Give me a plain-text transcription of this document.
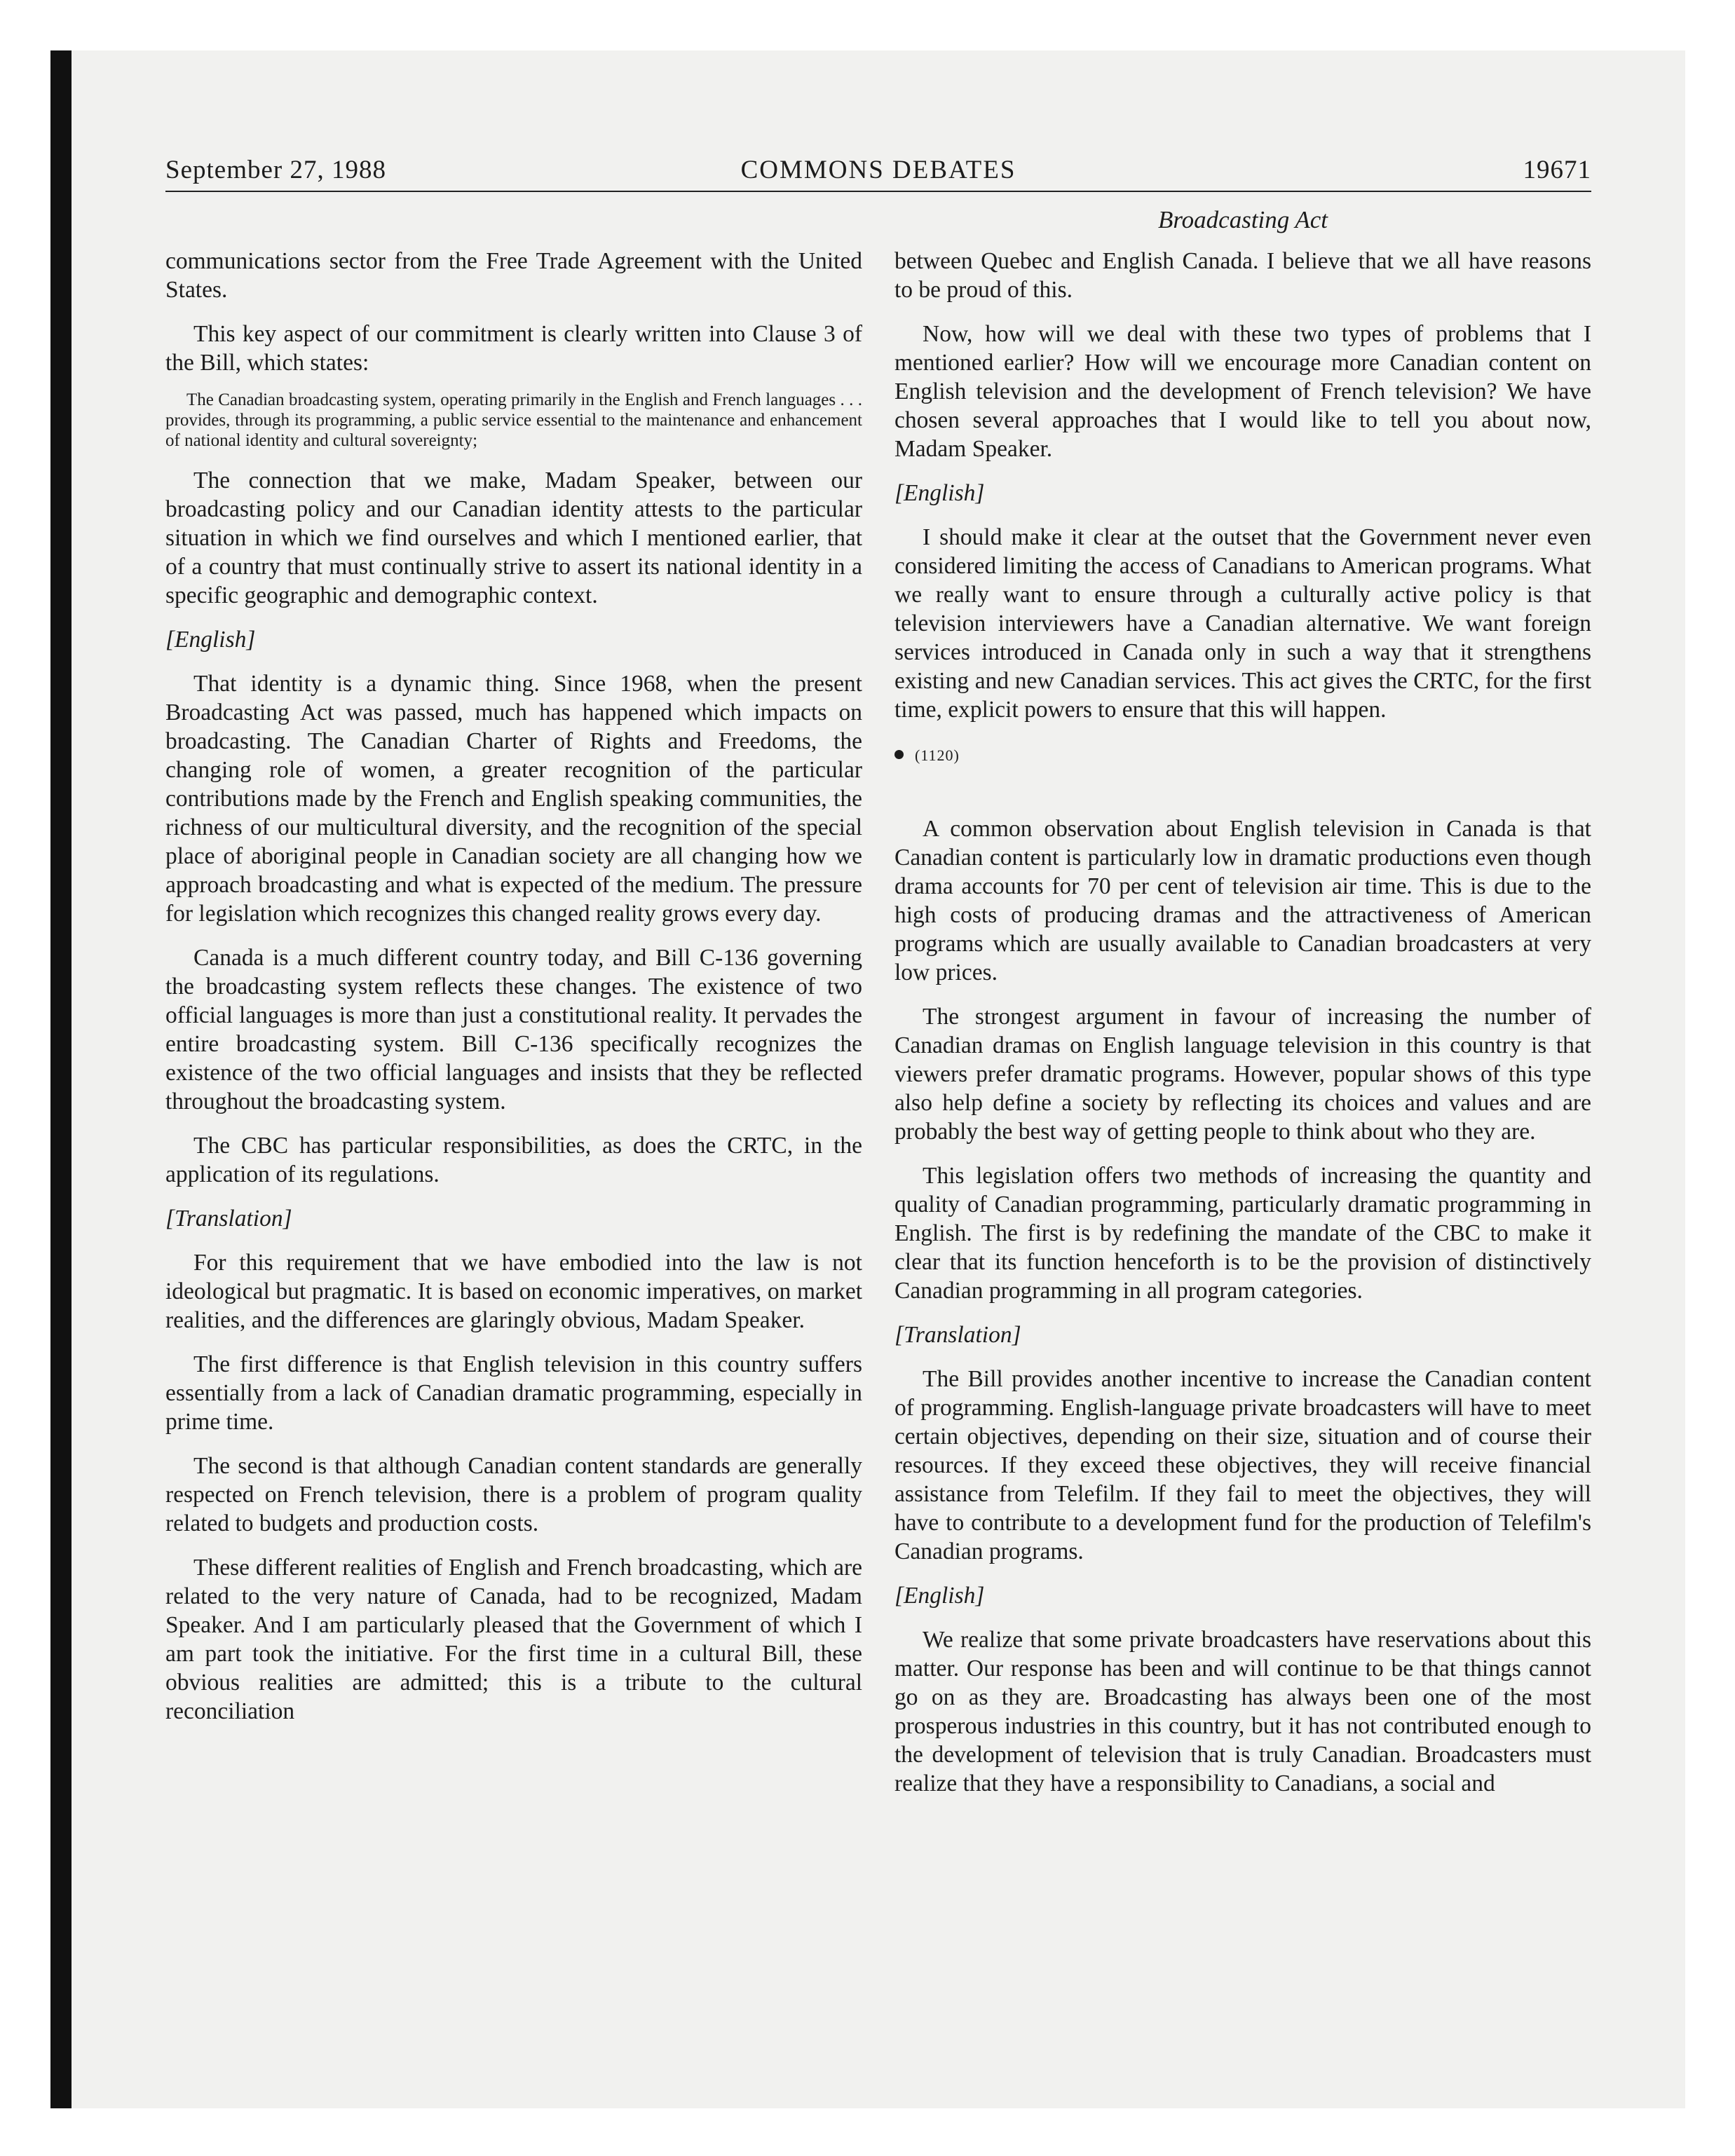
September 27, 1988	COMMONS DEBATES	19671
Broadcasting Act

communications sector from the Free Trade Agreement with the United States.

This key aspect of our commitment is clearly written into Clause 3 of the Bill, which states:

The Canadian broadcasting system, operating primarily in the English and French languages . . . provides, through its programming, a public service essential to the maintenance and enhancement of national identity and cultural sovereignty;

The connection that we make, Madam Speaker, between our broadcasting policy and our Canadian identity attests to the particular situation in which we find ourselves and which I mentioned earlier, that of a country that must continually strive to assert its national identity in a specific geographic and demographic context.

[English]

That identity is a dynamic thing. Since 1968, when the present Broadcasting Act was passed, much has happened which impacts on broadcasting. The Canadian Charter of Rights and Freedoms, the changing role of women, a greater recognition of the particular contributions made by the French and English speaking communities, the richness of our multicultural diversity, and the recognition of the special place of aboriginal people in Canadian society are all changing how we approach broadcasting and what is expected of the medium. The pressure for legislation which recognizes this changed reality grows every day.

Canada is a much different country today, and Bill C-136 governing the broadcasting system reflects these changes. The existence of two official languages is more than just a constitutional reality. It pervades the entire broadcasting system. Bill C-136 specifically recognizes the existence of the two official languages and insists that they be reflected throughout the broadcasting system.

The CBC has particular responsibilities, as does the CRTC, in the application of its regulations.

[Translation]

For this requirement that we have embodied into the law is not ideological but pragmatic. It is based on economic imperatives, on market realities, and the differences are glaringly obvious, Madam Speaker.

The first difference is that English television in this country suffers essentially from a lack of Canadian dramatic programming, especially in prime time.

The second is that although Canadian content standards are generally respected on French television, there is a problem of program quality related to budgets and production costs.

These different realities of English and French broadcasting, which are related to the very nature of Canada, had to be recognized, Madam Speaker. And I am particularly pleased that the Government of which I am part took the initiative. For the first time in a cultural Bill, these obvious realities are admitted; this is a tribute to the cultural reconciliation

between Quebec and English Canada. I believe that we all have reasons to be proud of this.

Now, how will we deal with these two types of problems that I mentioned earlier? How will we encourage more Canadian content on English television and the development of French television? We have chosen several approaches that I would like to tell you about now, Madam Speaker.

[English]

I should make it clear at the outset that the Government never even considered limiting the access of Canadians to American programs. What we really want to ensure through a culturally active policy is that television interviewers have a Canadian alternative. We want foreign services introduced in Canada only in such a way that it strengthens existing and new Canadian services. This act gives the CRTC, for the first time, explicit powers to ensure that this will happen.

(1120)

A common observation about English television in Canada is that Canadian content is particularly low in dramatic productions even though drama accounts for 70 per cent of television air time. This is due to the high costs of producing dramas and the attractiveness of American programs which are usually available to Canadian broadcasters at very low prices.

The strongest argument in favour of increasing the number of Canadian dramas on English language television in this country is that viewers prefer dramatic programs. However, popular shows of this type also help define a society by reflecting its choices and values and are probably the best way of getting people to think about who they are.

This legislation offers two methods of increasing the quantity and quality of Canadian programming, particularly dramatic programming in English. The first is by redefining the mandate of the CBC to make it clear that its function henceforth is to be the provision of distinctively Canadian programming in all program categories.

[Translation]

The Bill provides another incentive to increase the Canadian content of programming. English-language private broadcasters will have to meet certain objectives, depending on their size, situation and of course their resources. If they exceed these objectives, they will receive financial assistance from Telefilm. If they fail to meet the objectives, they will have to contribute to a development fund for the production of Telefilm's Canadian programs.

[English]

We realize that some private broadcasters have reservations about this matter. Our response has been and will continue to be that things cannot go on as they are. Broadcasting has always been one of the most prosperous industries in this country, but it has not contributed enough to the development of television that is truly Canadian. Broadcasters must realize that they have a responsibility to Canadians, a social and
